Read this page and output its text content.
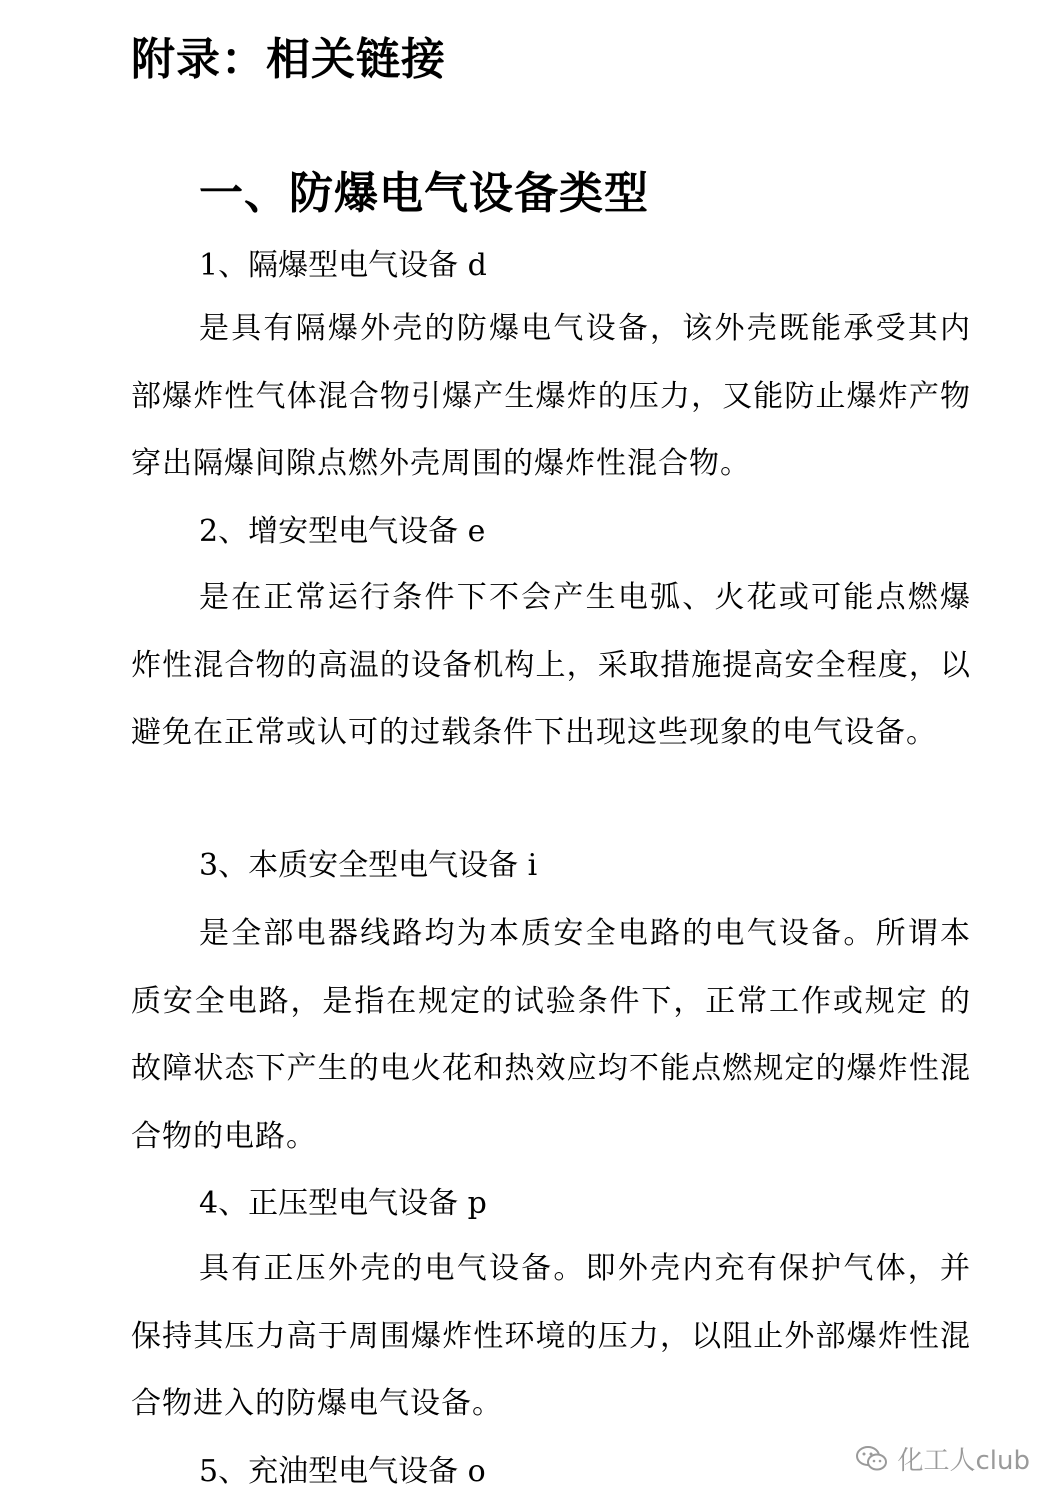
附录：相关链接
一、防爆电气设备类型
1、隔爆型电气设备 d
是具有隔爆外壳的防爆电气设备，该外壳既能承受其内部爆炸性气体混合物引爆产生爆炸的压力，又能防止爆炸产物穿出隔爆间隙点燃外壳周围的爆炸性混合物。
2、增安型电气设备 e
是在正常运行条件下不会产生电弧、火花或可能点燃爆炸性混合物的高温的设备机构上，采取措施提高安全程度，以避免在正常或认可的过载条件下出现这些现象的电气设备。
3、本质安全型电气设备 i
是全部电器线路均为本质安全电路的电气设备。所谓本质安全电路，是指在规定的试验条件下，正常工作或规定 的故障状态下产生的电火花和热效应均不能点燃规定的爆炸性混合物的电路。
4、正压型电气设备 p
具有正压外壳的电气设备。即外壳内充有保护气体，并保持其压力高于周围爆炸性环境的压力，以阻止外部爆炸性混合物进入的防爆电气设备。
5、充油型电气设备 o	化工人club
